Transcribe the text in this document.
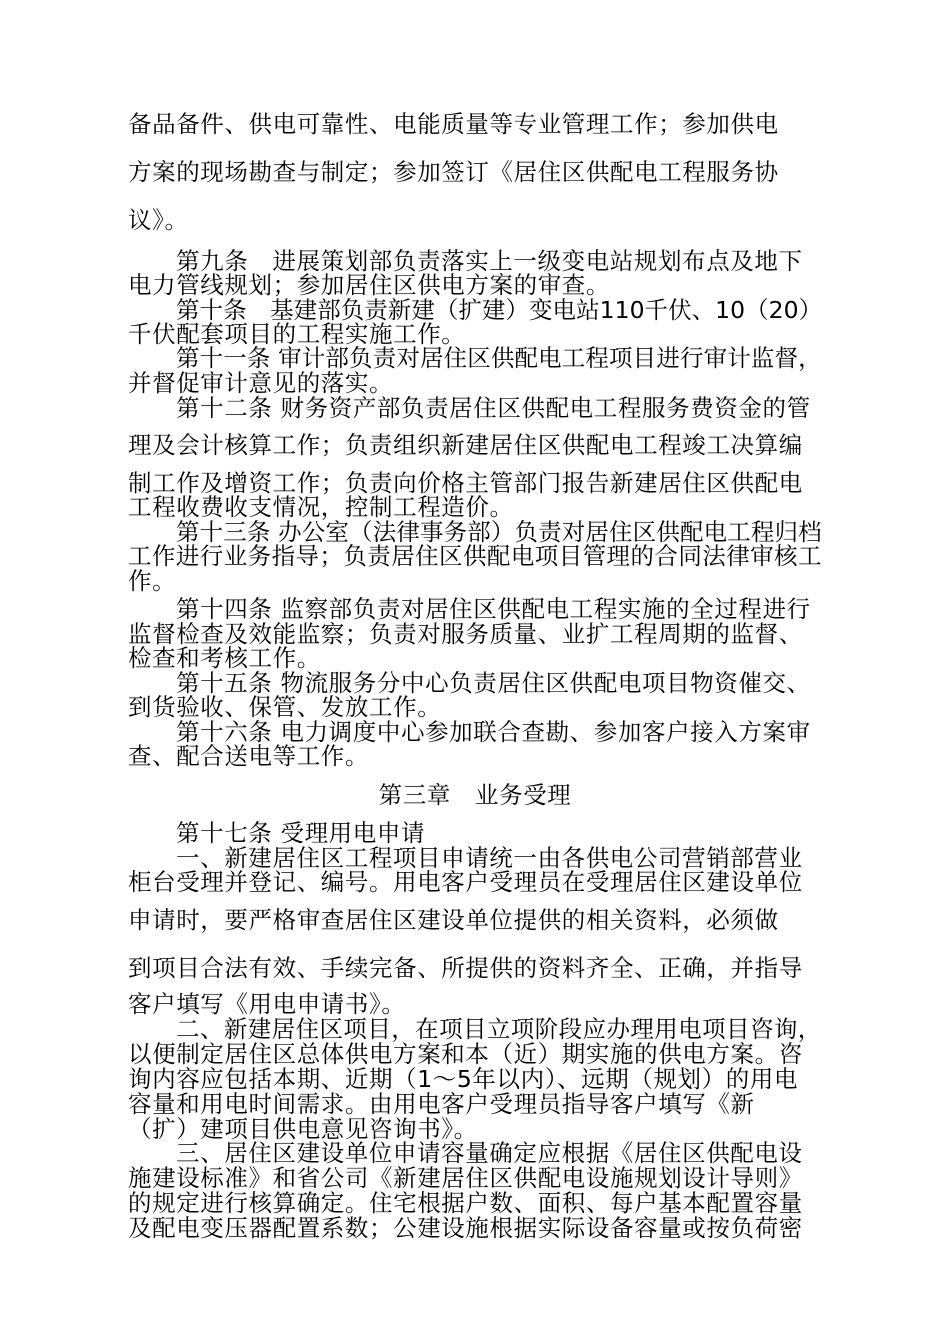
备品备件、供电可靠性、电能质量等专业管理工作；参加供电
方案的现场勘查与制定；参加签订《居住区供配电工程服务协
议》。
第九条　进展策划部负责落实上一级变电站规划布点及地下
电力管线规划；参加居住区供电方案的审查。
第十条　基建部负责新建（扩建）变电站110千伏、10（20）
千伏配套项目的工程实施工作。
第十一条 审计部负责对居住区供配电工程项目进行审计监督，
并督促审计意见的落实。
第十二条 财务资产部负责居住区供配电工程服务费资金的管
理及会计核算工作；负责组织新建居住区供配电工程竣工决算编
制工作及增资工作；负责向价格主管部门报告新建居住区供配电
工程收费收支情况，控制工程造价。
第十三条 办公室（法律事务部）负责对居住区供配电工程归档
工作进行业务指导；负责居住区供配电项目管理的合同法律审核工
作。
第十四条 监察部负责对居住区供配电工程实施的全过程进行
监督检查及效能监察；负责对服务质量、业扩工程周期的监督、
检查和考核工作。
第十五条 物流服务分中心负责居住区供配电项目物资催交、
到货验收、保管、发放工作。
第十六条 电力调度中心参加联合查勘、参加客户接入方案审
查、配合送电等工作。
第三章　业务受理
第十七条 受理用电申请
一、新建居住区工程项目申请统一由各供电公司营销部营业
柜台受理并登记、编号。用电客户受理员在受理居住区建设单位
申请时，要严格审查居住区建设单位提供的相关资料，必须做
到项目合法有效、手续完备、所提供的资料齐全、正确，并指导
客户填写《用电申请书》。
二、新建居住区项目，在项目立项阶段应办理用电项目咨询，
以便制定居住区总体供电方案和本（近）期实施的供电方案。咨
询内容应包括本期、近期（1～5年以内）、远期（规划）的用电
容量和用电时间需求。由用电客户受理员指导客户填写《新
（扩）建项目供电意见咨询书》。
三、居住区建设单位申请容量确定应根据《居住区供配电设
施建设标准》和省公司《新建居住区供配电设施规划设计导则》
的规定进行核算确定。住宅根据户数、面积、每户基本配置容量
及配电变压器配置系数；公建设施根据实际设备容量或按负荷密
